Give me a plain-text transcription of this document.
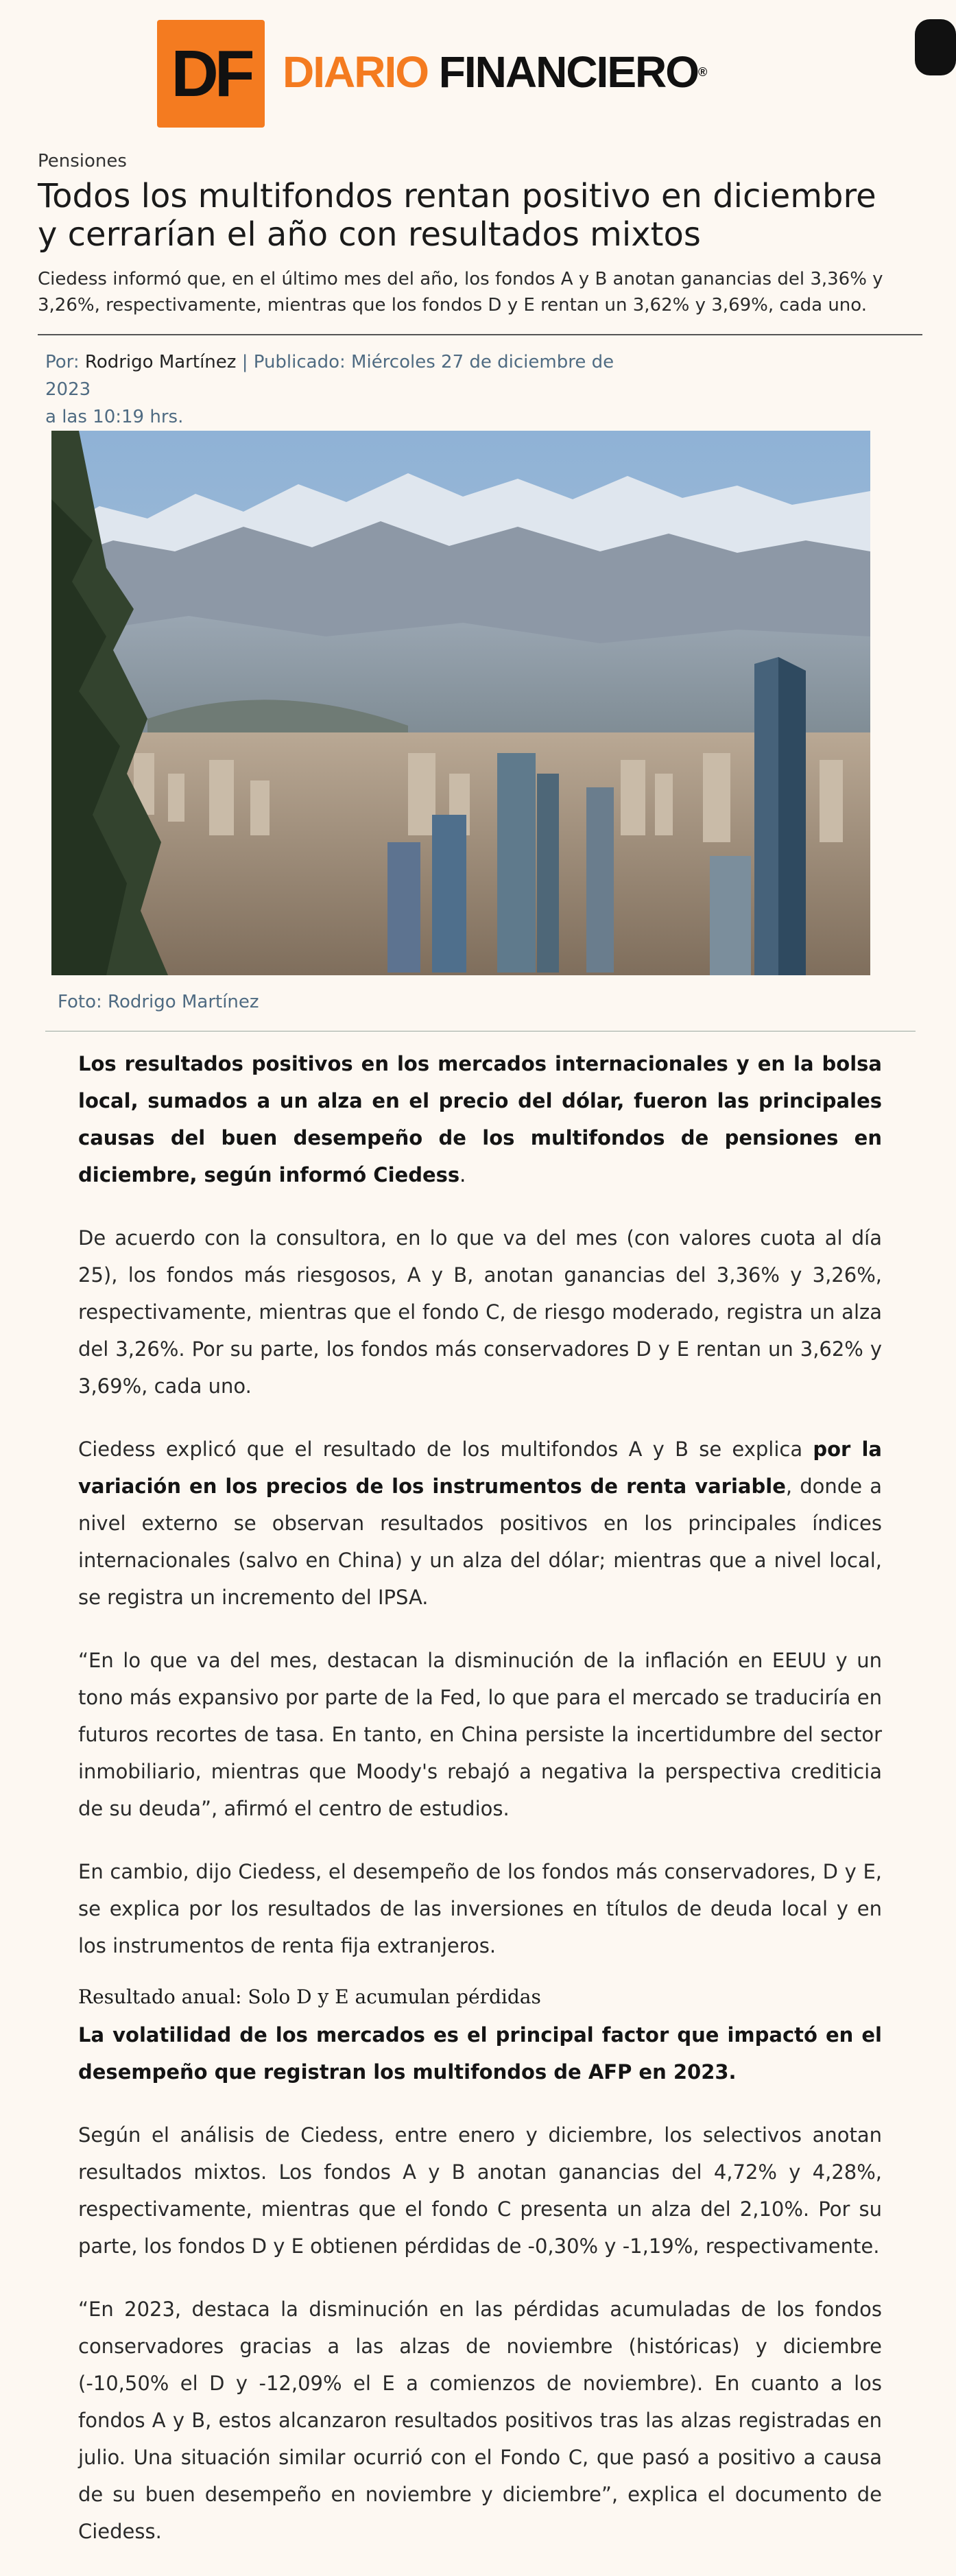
DF DIARIO FINANCIERO®
Pensiones
Todos los multifondos rentan positivo en diciembre y cerrarían el año con resultados mixtos
Ciedess informó que, en el último mes del año, los fondos A y B anotan ganancias del 3,36% y 3,26%, respectivamente, mientras que los fondos D y E rentan un 3,62% y 3,69%, cada uno.
Por: Rodrigo Martínez | Publicado: Miércoles 27 de diciembre de 2023
a las 10:19 hrs.
Foto: Rodrigo Martínez

Los resultados positivos en los mercados internacionales y en la bolsa local, sumados a un alza en el precio del dólar, fueron las principales causas del buen desempeño de los multifondos de pensiones en diciembre, según informó Ciedess.

De acuerdo con la consultora, en lo que va del mes (con valores cuota al día 25), los fondos más riesgosos, A y B, anotan ganancias del 3,36% y 3,26%, respectivamente, mientras que el fondo C, de riesgo moderado, registra un alza del 3,26%. Por su parte, los fondos más conservadores D y E rentan un 3,62% y 3,69%, cada uno.

Ciedess explicó que el resultado de los multifondos A y B se explica por la variación en los precios de los instrumentos de renta variable, donde a nivel externo se observan resultados positivos en los principales índices internacionales (salvo en China) y un alza del dólar; mientras que a nivel local, se registra un incremento del IPSA.

“En lo que va del mes, destacan la disminución de la inflación en EEUU y un tono más expansivo por parte de la Fed, lo que para el mercado se traduciría en futuros recortes de tasa. En tanto, en China persiste la incertidumbre del sector inmobiliario, mientras que Moody's rebajó a negativa la perspectiva crediticia de su deuda”, afirmó el centro de estudios.

En cambio, dijo Ciedess, el desempeño de los fondos más conservadores, D y E, se explica por los resultados de las inversiones en títulos de deuda local y en los instrumentos de renta fija extranjeros.

Resultado anual: Solo D y E acumulan pérdidas

La volatilidad de los mercados es el principal factor que impactó en el desempeño que registran los multifondos de AFP en 2023.

Según el análisis de Ciedess, entre enero y diciembre, los selectivos anotan resultados mixtos. Los fondos A y B anotan ganancias del 4,72% y 4,28%, respectivamente, mientras que el fondo C presenta un alza del 2,10%. Por su parte, los fondos D y E obtienen pérdidas de -0,30% y -1,19%, respectivamente.

“En 2023, destaca la disminución en las pérdidas acumuladas de los fondos conservadores gracias a las alzas de noviembre (históricas) y diciembre (-10,50% el D y -12,09% el E a comienzos de noviembre). En cuanto a los fondos A y B, estos alcanzaron resultados positivos tras las alzas registradas en julio. Una situación similar ocurrió con el Fondo C, que pasó a positivo a causa de su buen desempeño en noviembre y diciembre”, explica el documento de Ciedess.
